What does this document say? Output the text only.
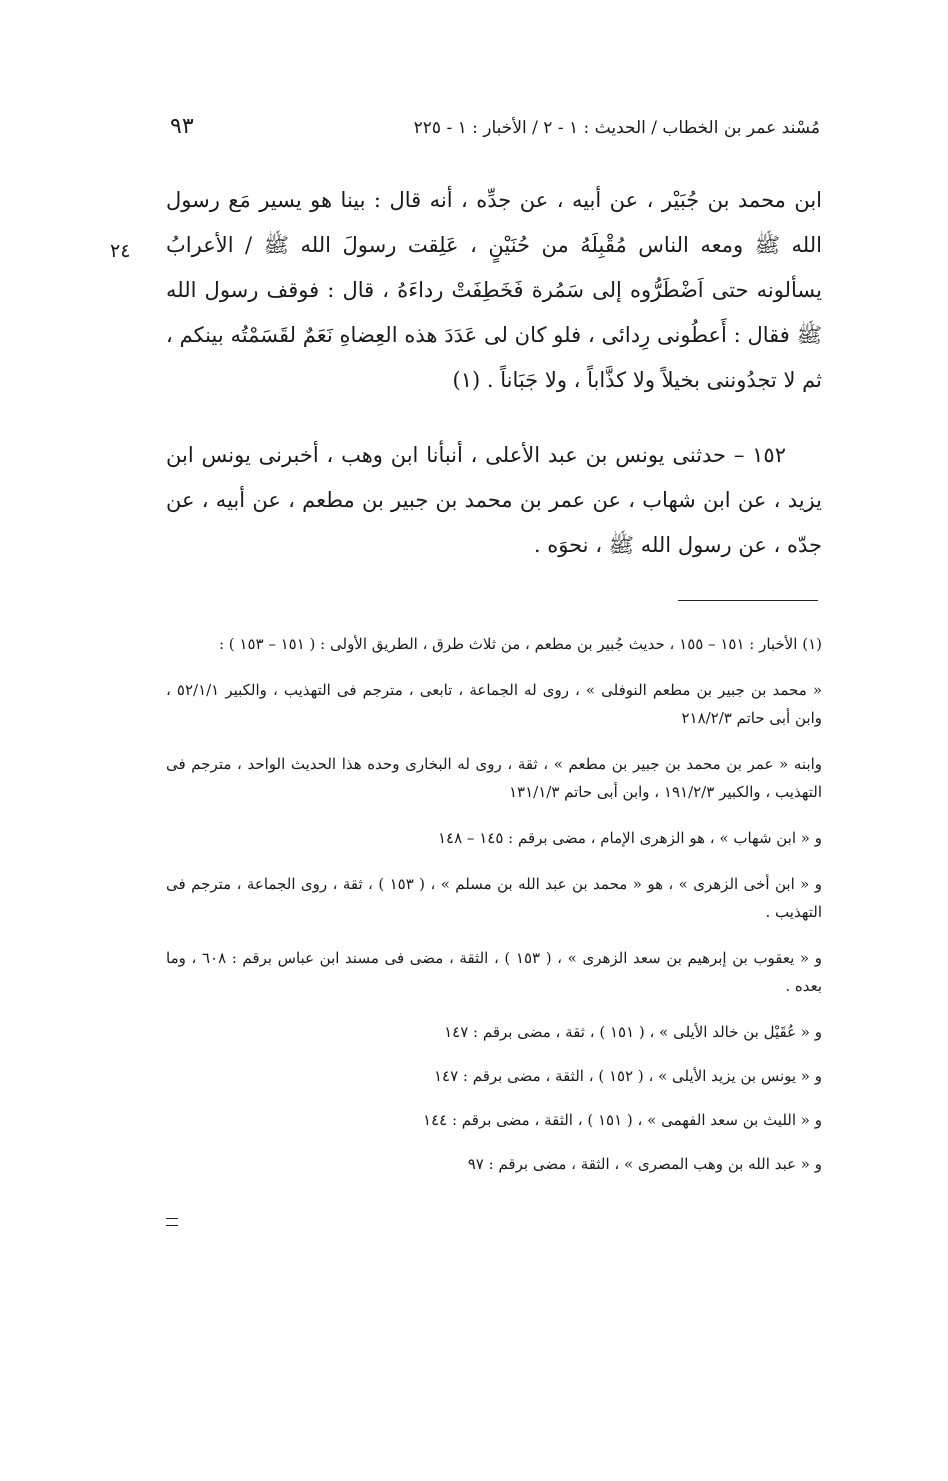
مُسْند عمر بن الخطاب / الحديث : ١ - ٢ / الأخبار : ١ - ٢٢٥
٩٣
٢٤

ابن محمد بن جُبَيْر ، عن أبيه ، عن جدِّه ، أنه قال : بينا هو يسير مَع رسول الله ﷺ ومعه الناس مُقْبِلَهُ من حُنَيْنٍ ، عَلِقت رسولَ الله ﷺ / الأعرابُ يسألونه حتى اَضْطَرُّوه إلى سَمُرة فَخَطِفَتْ رداءَهُ ، قال : فوقف رسول الله ﷺ فقال : أَعطُونى رِدائى ، فلو كان لى عَدَدَ هذه العِضاهِ نَعَمٌ لقَسَمْتُه بينكم ، ثم لا تجدُوننى بخيلاً ولا كذَّاباً ، ولا جَبَاناً . (١)

١٥٢ – حدثنى يونس بن عبد الأعلى ، أنبأنا ابن وهب ، أخبرنى يونس ابن يزيد ، عن ابن شهاب ، عن عمر بن محمد بن جبير بن مطعم ، عن أبيه ، عن جدّه ، عن رسول الله ﷺ ، نحوَه .

(١) الأخبار : ١٥١ – ١٥٥ ، حديث جُبير بن مطعم ، من ثلاث طرق ، الطريق الأولى : ( ١٥١ – ١٥٣ ) :

« محمد بن جبير بن مطعم النوفلى » ، روى له الجماعة ، تابعى ، مترجم فى التهذيب ، والكبير ٥٢/١/١ ، وابن أبى حاتم ٢١٨/٢/٣

وابنه « عمر بن محمد بن جبير بن مطعم » ، ثقة ، روى له البخارى وحده هذا الحديث الواحد ، مترجم فى التهذيب ، والكبير ١٩١/٢/٣ ، وابن أبى حاتم ١٣١/١/٣

و « ابن شهاب » ، هو الزهرى الإمام ، مضى برقم : ١٤٥ – ١٤٨

و « ابن أخى الزهرى » ، هو « محمد بن عبد الله بن مسلم » ، ( ١٥٣ ) ، ثقة ، روى الجماعة ، مترجم فى التهذيب .

و « يعقوب بن إبرهيم بن سعد الزهرى » ، ( ١٥٣ ) ، الثقة ، مضى فى مسند ابن عباس برقم : ٦٠٨ ، وما بعده .

و « عُقَيْل بن خالد الأيلى » ، ( ١٥١ ) ، ثقة ، مضى برقم : ١٤٧

و « يونس بن يزيد الأيلى » ، ( ١٥٢ ) ، الثقة ، مضى برقم : ١٤٧

و « الليث بن سعد الفهمى » ، ( ١٥١ ) ، الثقة ، مضى برقم : ١٤٤

و « عبد الله بن وهب المصرى » ، الثقة ، مضى برقم : ٩٧
